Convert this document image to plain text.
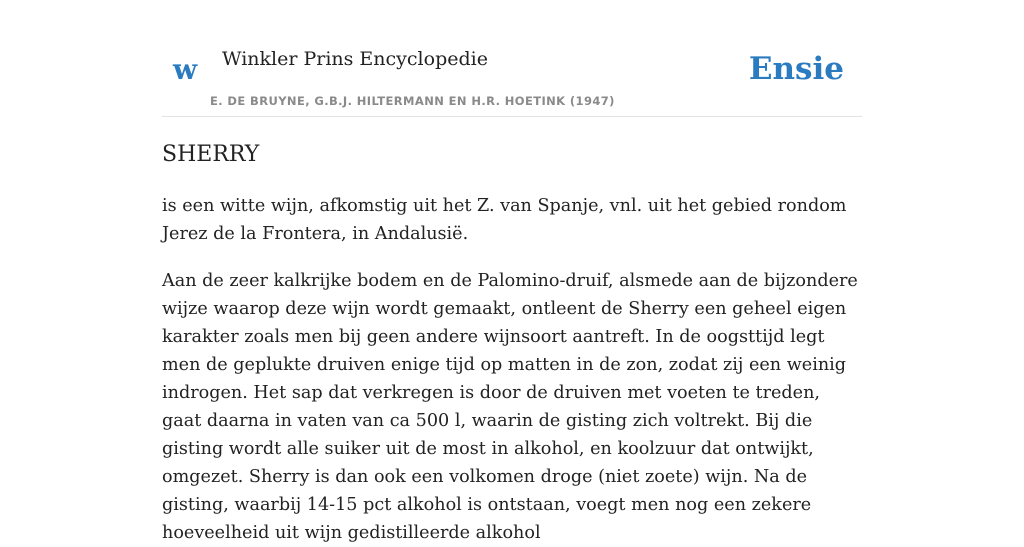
w Winkler Prins Encyclopedie
E. DE BRUYNE, G.B.J. HILTERMANN EN H.R. HOETINK (1947)
Ensie
SHERRY

is een witte wijn, afkomstig uit het Z. van Spanje, vnl. uit het gebied rondom Jerez de la Frontera, in Andalusië.

Aan de zeer kalkrijke bodem en de Palomino-druif, alsmede aan de bijzondere wijze waarop deze wijn wordt gemaakt, ontleent de Sherry een geheel eigen karakter zoals men bij geen andere wijnsoort aantreft. In de oogsttijd legt men de geplukte druiven enige tijd op matten in de zon, zodat zij een weinig indrogen. Het sap dat verkregen is door de druiven met voeten te treden, gaat daarna in vaten van ca 500 l, waarin de gisting zich voltrekt. Bij die gisting wordt alle suiker uit de most in alkohol, en koolzuur dat ontwijkt, omgezet. Sherry is dan ook een volkomen droge (niet zoete) wijn. Na de gisting, waarbij 14-15 pct alkohol is ontstaan, voegt men nog een zekere hoeveelheid uit wijn gedistilleerde alkohol
